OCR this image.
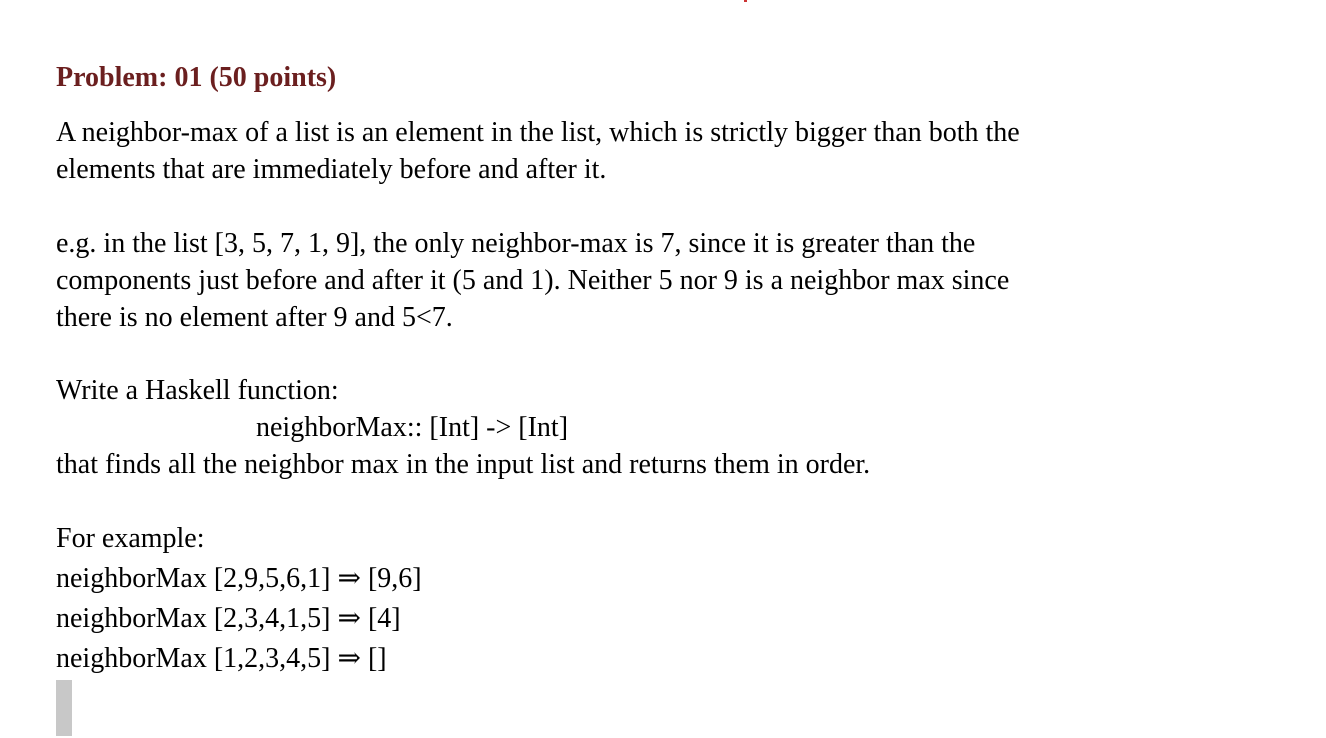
Problem: 01 (50 points)
A neighbor-max of a list is an element in the list, which is strictly bigger than both the
elements that are immediately before and after it.
e.g. in the list [3, 5, 7, 1, 9], the only neighbor-max is 7, since it is greater than the
components just before and after it (5 and 1). Neither 5 nor 9 is a neighbor max since
there is no element after 9 and 5<7.
Write a Haskell function:
neighborMax:: [Int] -> [Int]
that finds all the neighbor max in the input list and returns them in order.
For example:
neighborMax [2,9,5,6,1] ⇒ [9,6]
neighborMax [2,3,4,1,5] ⇒ [4]
neighborMax [1,2,3,4,5] ⇒ []
